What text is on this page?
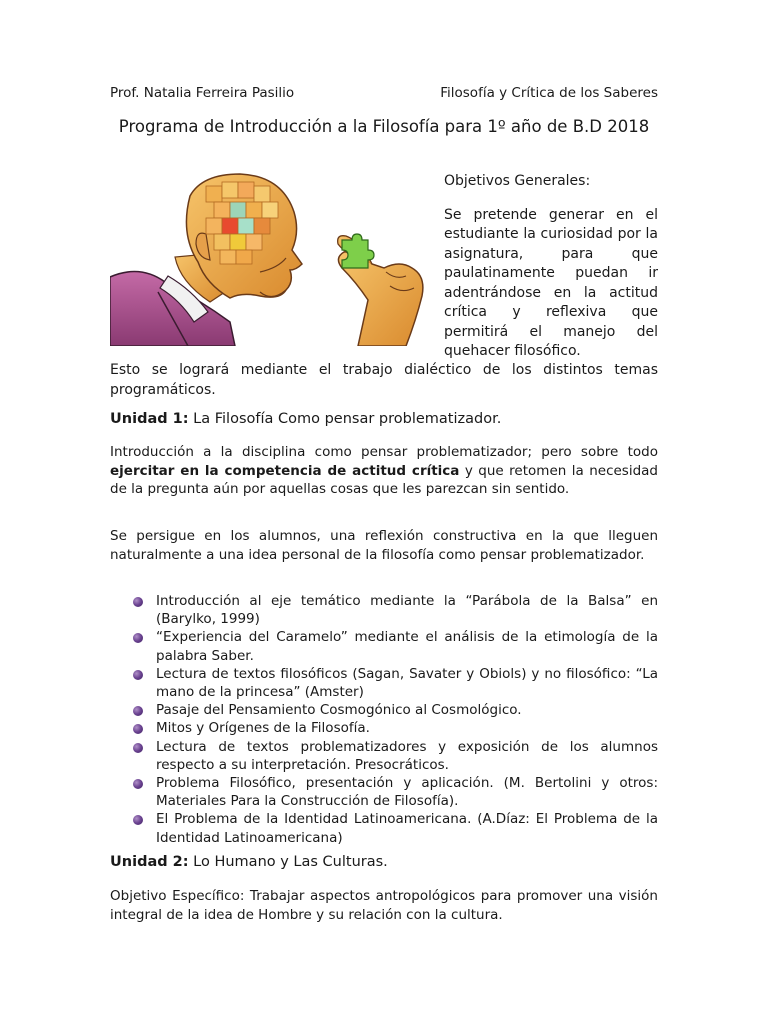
Prof. Natalia Ferreira Pasilio	Filosofía y Crítica de los Saberes
Programa de Introducción a la Filosofía para 1º año de B.D 2018

Objetivos Generales:

Se pretende generar en el estudiante la curiosidad por la asignatura, para que paulatinamente puedan ir adentrándose en la actitud crítica y reflexiva que permitirá el manejo del quehacer filosófico.

Esto se logrará mediante el trabajo dialéctico de los distintos temas programáticos.

Unidad 1: La Filosofía Como pensar problematizador.

Introducción a la disciplina como pensar problematizador; pero sobre todo ejercitar en la competencia de actitud crítica y que retomen la necesidad de la pregunta aún por aquellas cosas que les parezcan sin sentido.

Se persigue en los alumnos, una reflexión constructiva en la que lleguen naturalmente a una idea personal de la filosofía como pensar problematizador.

Introducción al eje temático mediante la “Parábola de la Balsa” en (Barylko, 1999)
“Experiencia del Caramelo” mediante el análisis de la etimología de la palabra Saber.
Lectura de textos filosóficos (Sagan, Savater y Obiols) y no filosófico: “La mano de la princesa” (Amster)
Pasaje del Pensamiento Cosmogónico al Cosmológico.
Mitos y Orígenes de la Filosofía.
Lectura de textos problematizadores y exposición de los alumnos respecto a su interpretación. Presocráticos.
Problema Filosófico, presentación y aplicación. (M. Bertolini y otros: Materiales Para la Construcción de Filosofía).
El Problema de la Identidad Latinoamericana. (A.Díaz: El Problema de la Identidad Latinoamericana)

Unidad 2: Lo Humano y Las Culturas.

Objetivo Específico: Trabajar aspectos antropológicos para promover una visión integral de la idea de Hombre y su relación con la cultura.
